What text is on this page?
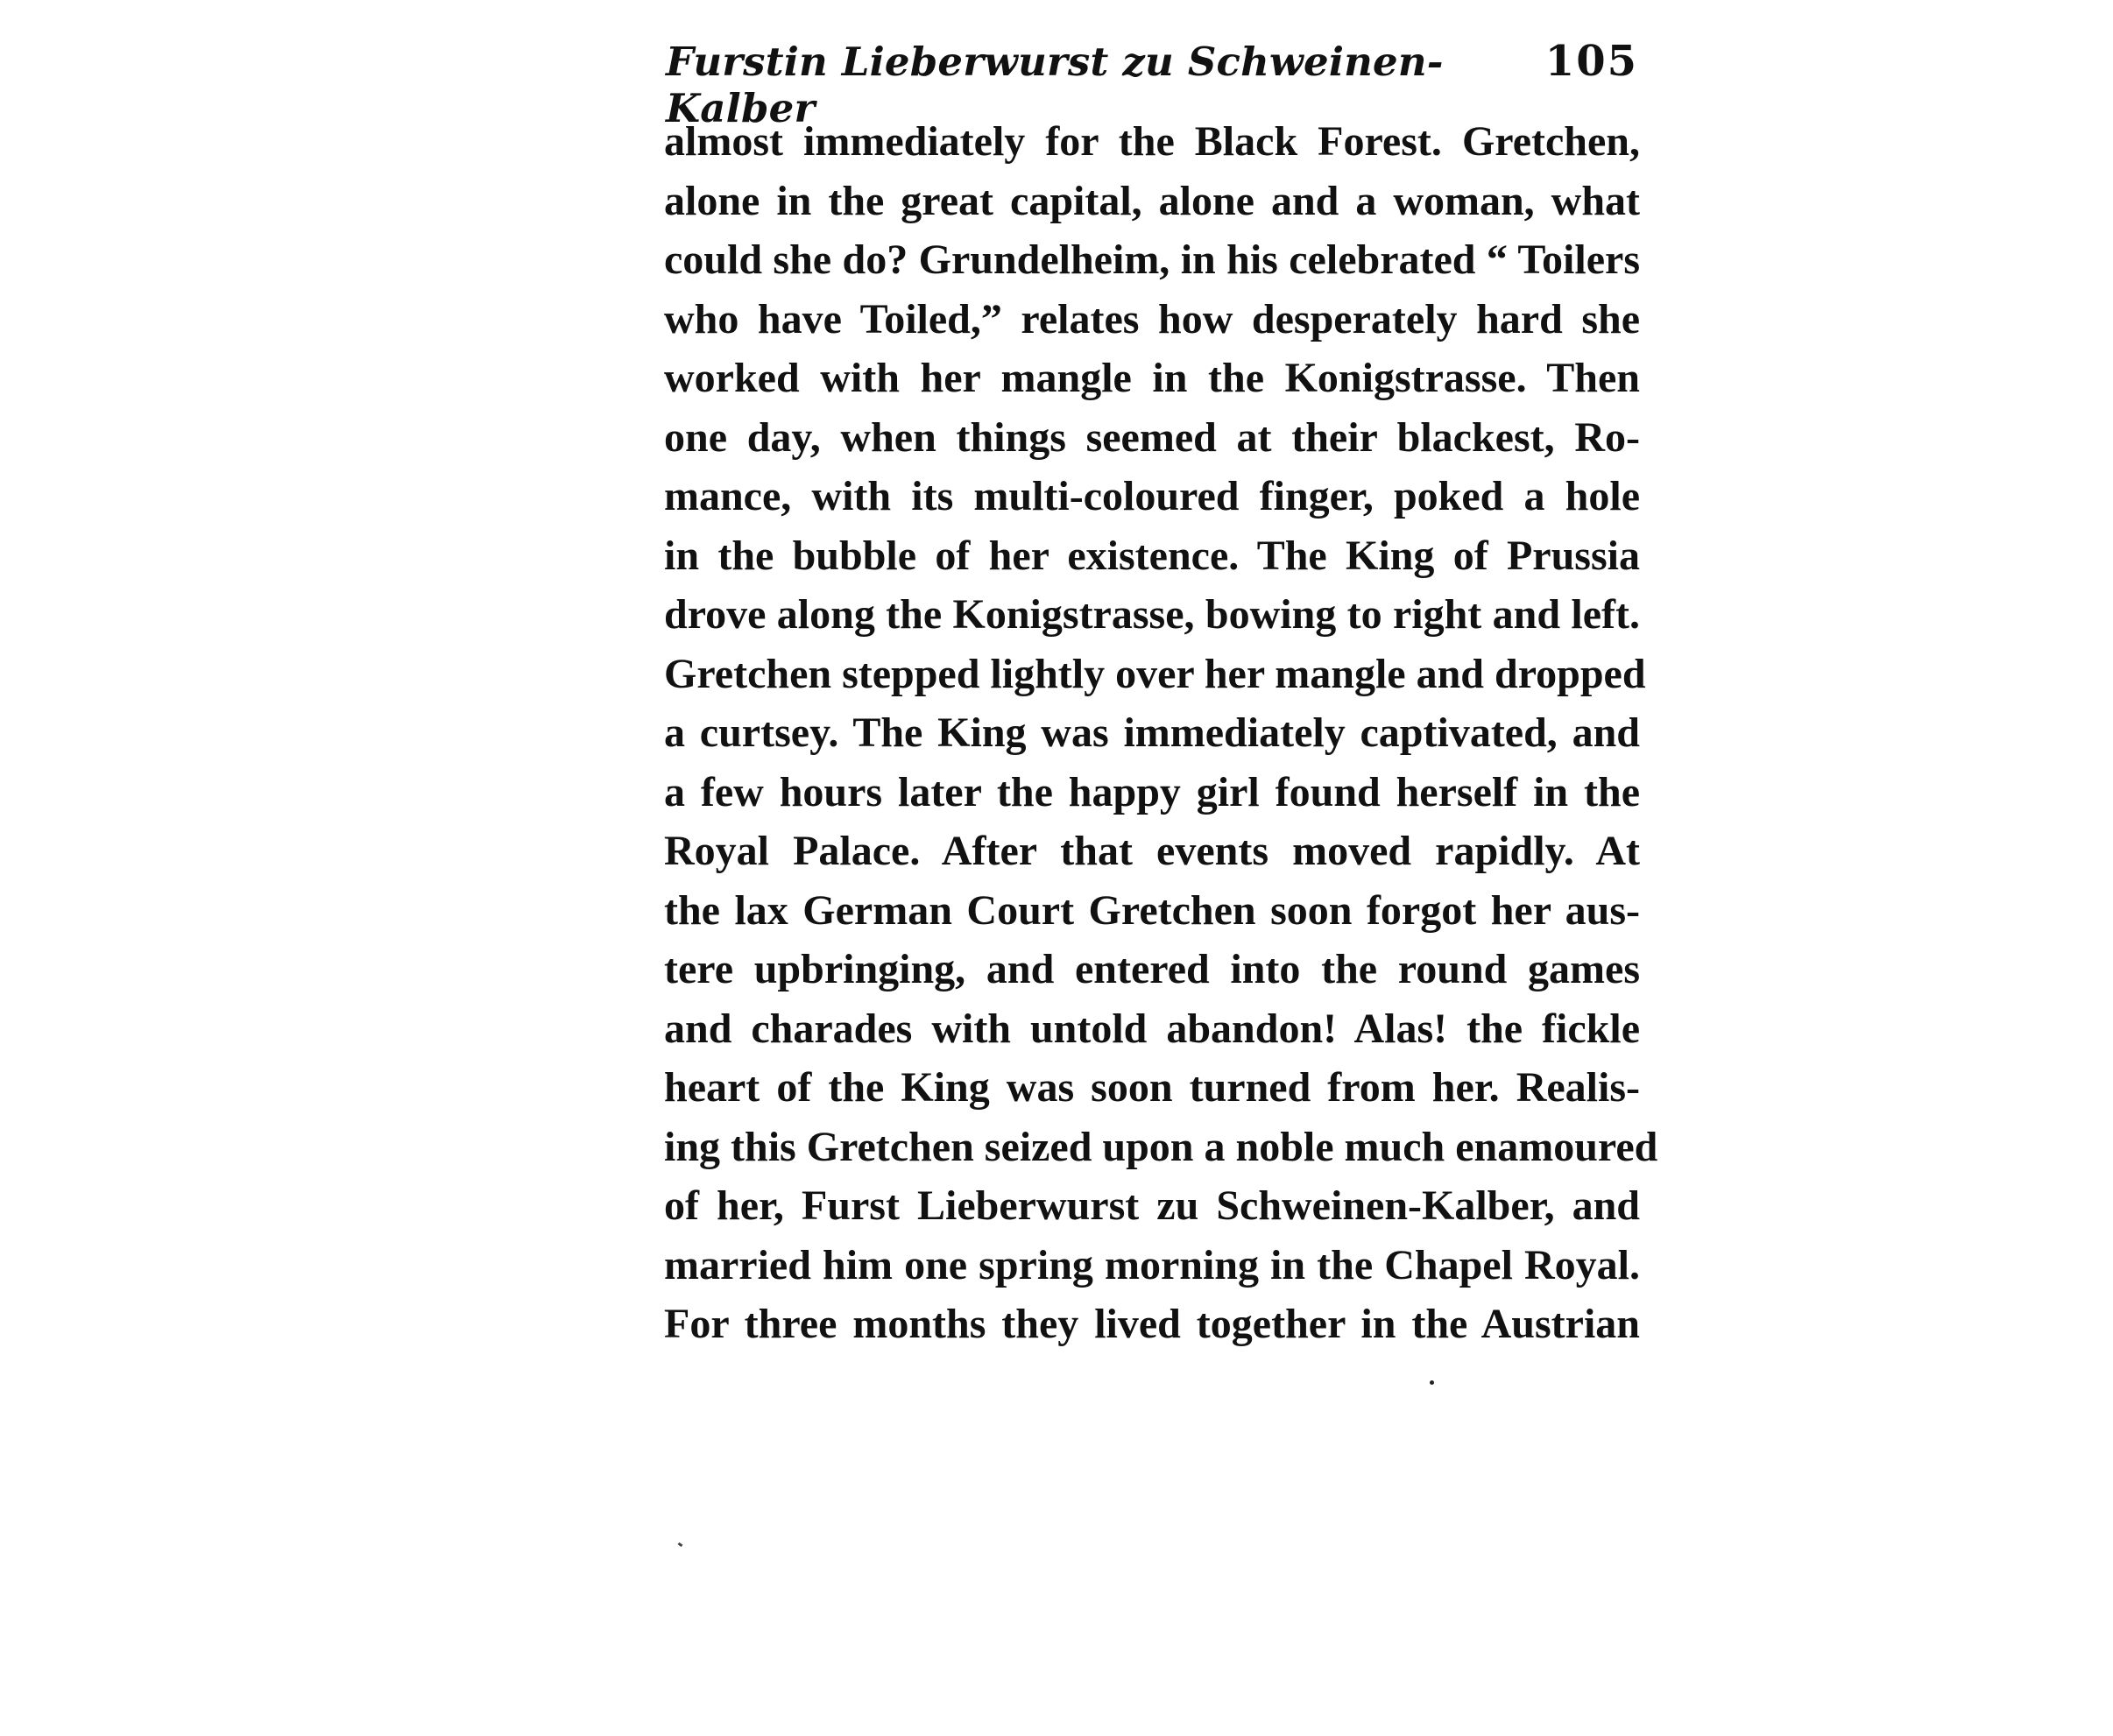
Furstin Lieberwurst zu Schweinen-Kalber
105
almost immediately for the Black Forest. Gretchen,
alone in the great capital, alone and a woman, what
could she do? Grundelheim, in his celebrated “ Toilers
who have Toiled,” relates how desperately hard she
worked with her mangle in the Konigstrasse. Then
one day, when things seemed at their blackest, Ro-
mance, with its multi-coloured finger, poked a hole
in the bubble of her existence. The King of Prussia
drove along the Konigstrasse, bowing to right and left.
Gretchen stepped lightly over her mangle and dropped
a curtsey. The King was immediately captivated, and
a few hours later the happy girl found herself in the
Royal Palace. After that events moved rapidly. At
the lax German Court Gretchen soon forgot her aus-
tere upbringing, and entered into the round games
and charades with untold abandon! Alas! the fickle
heart of the King was soon turned from her. Realis-
ing this Gretchen seized upon a noble much enamoured
of her, Furst Lieberwurst zu Schweinen-Kalber, and
married him one spring morning in the Chapel Royal.
For three months they lived together in the Austrian
